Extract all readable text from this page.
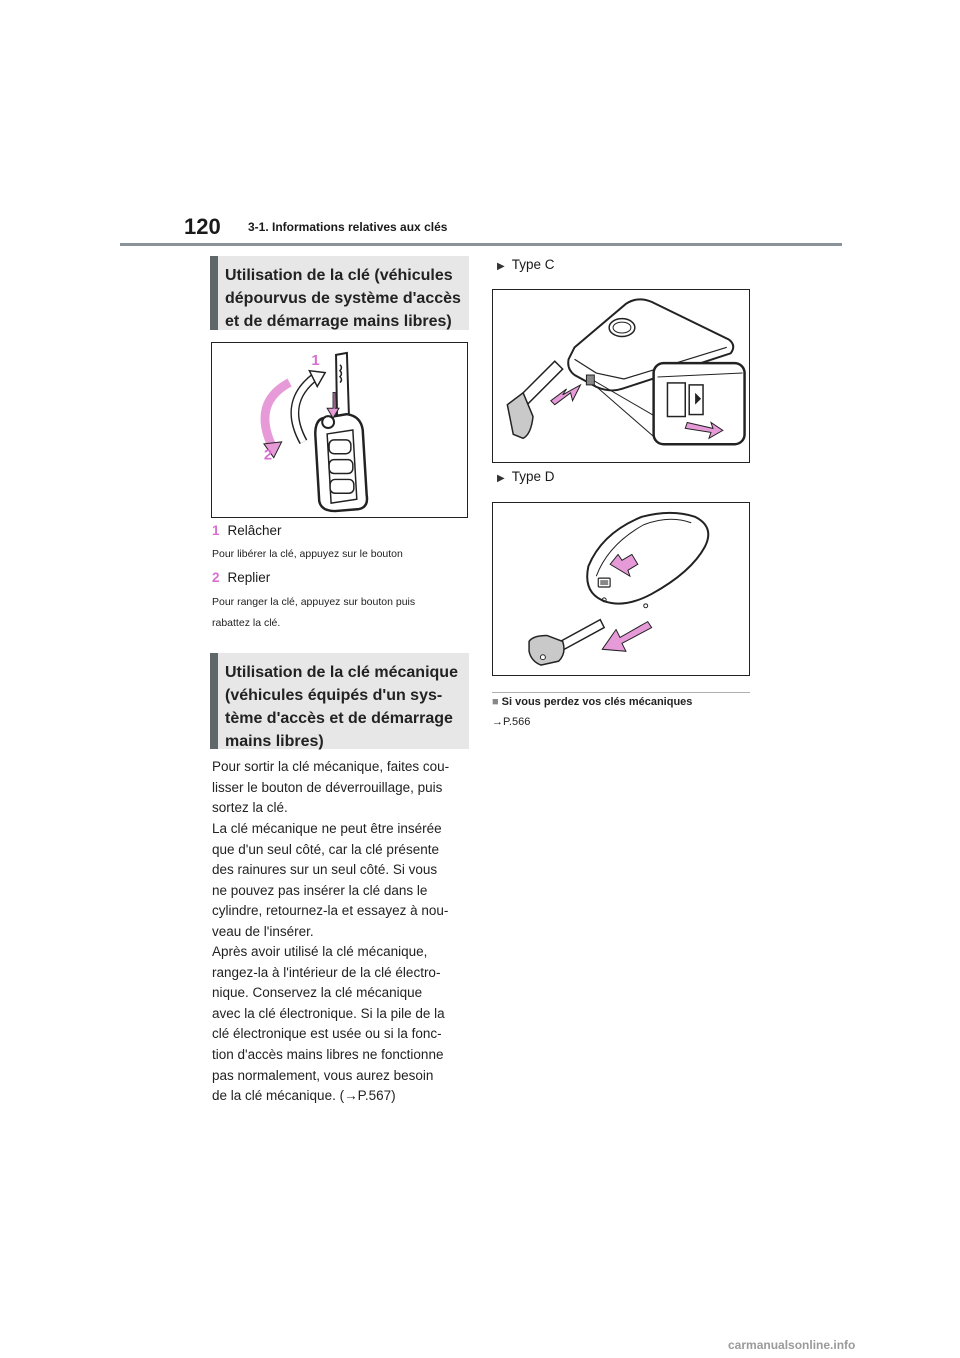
120 3-1. Informations relatives aux clés
Utilisation de la clé (véhicules
dépourvus de système d'accès
et de démarrage mains libres)
1
2
1 Relâcher
Pour libérer la clé, appuyez sur le bouton
2 Replier
Pour ranger la clé, appuyez sur bouton puis
rabattez la clé.
Utilisation de la clé mécanique
(véhicules équipés d'un sys-
tème d'accès et de démarrage
mains libres)
Pour sortir la clé mécanique, faites cou-
lisser le bouton de déverrouillage, puis
sortez la clé.
La clé mécanique ne peut être insérée
que d'un seul côté, car la clé présente
des rainures sur un seul côté. Si vous
ne pouvez pas insérer la clé dans le
cylindre, retournez-la et essayez à nou-
veau de l'insérer.
Après avoir utilisé la clé mécanique,
rangez-la à l'intérieur de la clé électro-
nique. Conservez la clé mécanique
avec la clé électronique. Si la pile de la
clé électronique est usée ou si la fonc-
tion d'accès mains libres ne fonctionne
pas normalement, vous aurez besoin
de la clé mécanique. (→P.567)
▶ Type C
▶ Type D
■ Si vous perdez vos clés mécaniques
→P.566
carmanualsonline.info
